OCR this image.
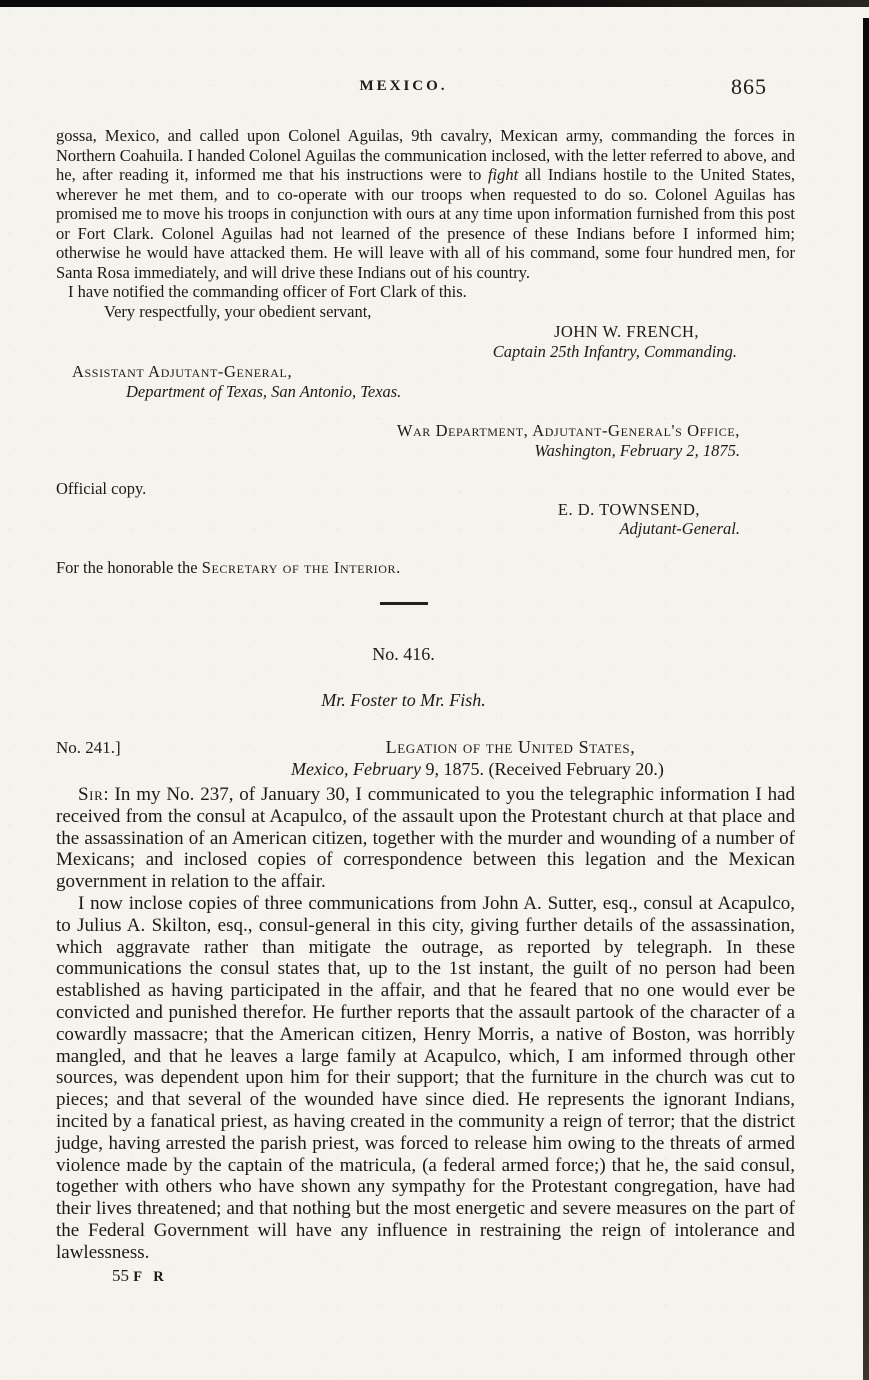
MEXICO.	865

gossa, Mexico, and called upon Colonel Aguilas, 9th cavalry, Mexican army, commanding the forces in Northern Coahuila. I handed Colonel Aguilas the communication inclosed, with the letter referred to above, and he, after reading it, informed me that his instructions were to fight all Indians hostile to the United States, wherever he met them, and to co-operate with our troops when requested to do so. Colonel Aguilas has promised me to move his troops in conjunction with ours at any time upon information furnished from this post or Fort Clark. Colonel Aguilas had not learned of the presence of these Indians before I informed him; otherwise he would have attacked them. He will leave with all of his command, some four hundred men, for Santa Rosa immediately, and will drive these Indians out of his country.

I have notified the commanding officer of Fort Clark of this.

Very respectfully, your obedient servant,

JOHN W. FRENCH,
Captain 25th Infantry, Commanding.

Assistant Adjutant-General,

Department of Texas, San Antonio, Texas.

War Department, Adjutant-General's Office,
Washington, February 2, 1875.

Official copy.

E. D. TOWNSEND,
Adjutant-General.

For the honorable the Secretary of the Interior.

No. 416.
Mr. Foster to Mr. Fish.
No. 241.]	Legation of the United States,

Mexico, February 9, 1875. (Received February 20.)

Sir: In my No. 237, of January 30, I communicated to you the telegraphic information I had received from the consul at Acapulco, of the assault upon the Protestant church at that place and the assassination of an American citizen, together with the murder and wounding of a number of Mexicans; and inclosed copies of correspondence between this legation and the Mexican government in relation to the affair.

I now inclose copies of three communications from John A. Sutter, esq., consul at Acapulco, to Julius A. Skilton, esq., consul-general in this city, giving further details of the assassination, which aggravate rather than mitigate the outrage, as reported by telegraph. In these communications the consul states that, up to the 1st instant, the guilt of no person had been established as having participated in the affair, and that he feared that no one would ever be convicted and punished therefor. He further reports that the assault partook of the character of a cowardly massacre; that the American citizen, Henry Morris, a native of Boston, was horribly mangled, and that he leaves a large family at Acapulco, which, I am informed through other sources, was dependent upon him for their support; that the furniture in the church was cut to pieces; and that several of the wounded have since died. He represents the ignorant Indians, incited by a fanatical priest, as having created in the community a reign of terror; that the district judge, having arrested the parish priest, was forced to release him owing to the threats of armed violence made by the captain of the matricula, (a federal armed force;) that he, the said consul, together with others who have shown any sympathy for the Protestant congregation, have had their lives threatened; and that nothing but the most energetic and severe measures on the part of the Federal Government will have any influence in restraining the reign of intolerance and lawlessness.

55 F R
